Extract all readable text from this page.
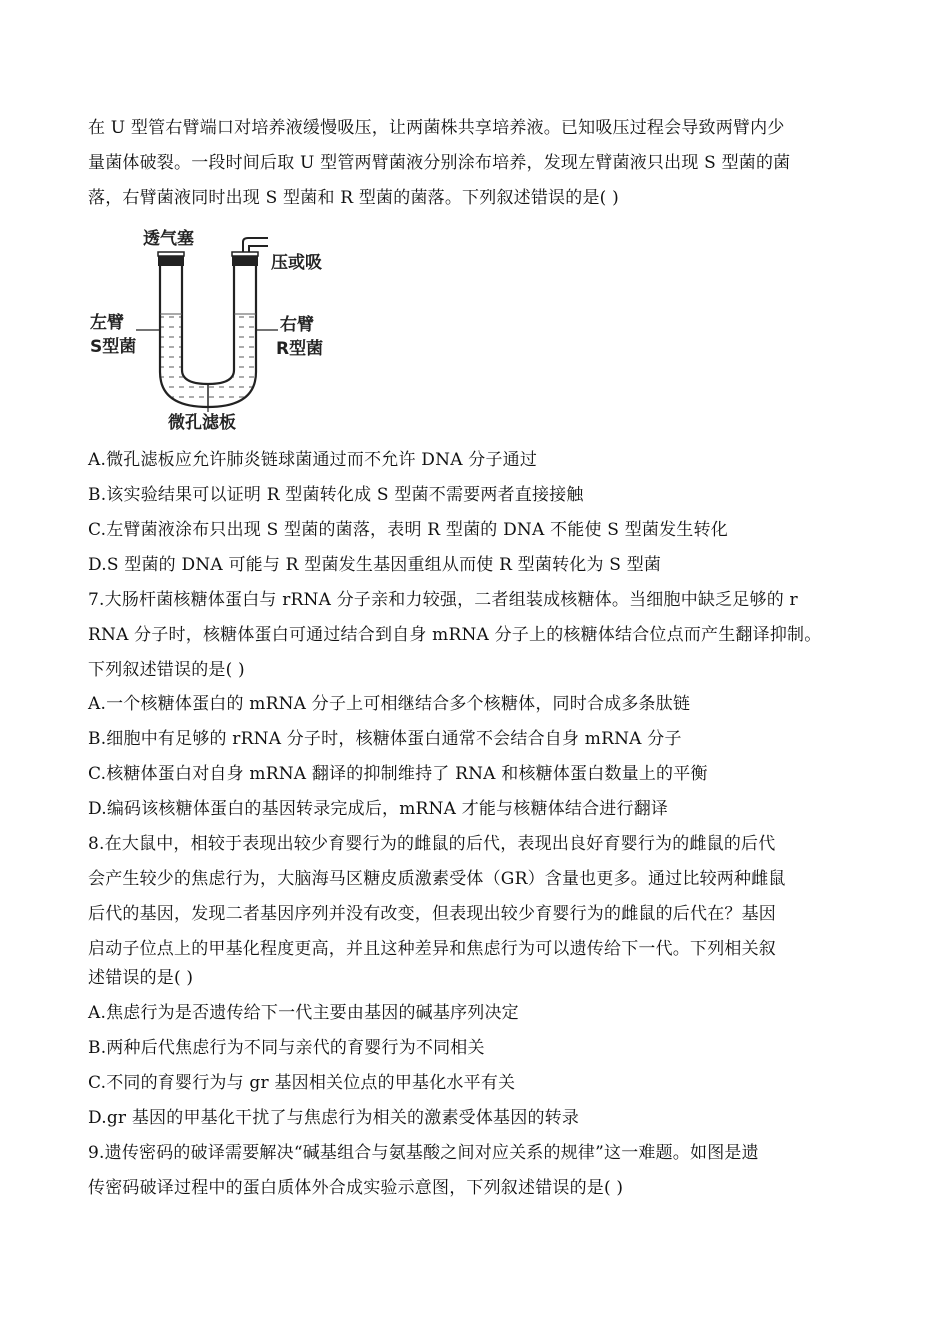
在 U 型管右臂端口对培养液缓慢吸压，让两菌株共享培养液。已知吸压过程会导致两臂内少
量菌体破裂。一段时间后取 U 型管两臂菌液分别涂布培养，发现左臂菌液只出现 S 型菌的菌
落，右臂菌液同时出现 S 型菌和 R 型菌的菌落。下列叙述错误的是( )
透气塞
压或吸
左臂
S型菌
右臂
R型菌
微孔滤板
A.微孔滤板应允许肺炎链球菌通过而不允许 DNA 分子通过
B.该实验结果可以证明 R 型菌转化成 S 型菌不需要两者直接接触
C.左臂菌液涂布只出现 S 型菌的菌落，表明 R 型菌的 DNA 不能使 S 型菌发生转化
D.S 型菌的 DNA 可能与 R 型菌发生基因重组从而使 R 型菌转化为 S 型菌
7.大肠杆菌核糖体蛋白与 rRNA 分子亲和力较强，二者组装成核糖体。当细胞中缺乏足够的 r
RNA 分子时，核糖体蛋白可通过结合到自身 mRNA 分子上的核糖体结合位点而产生翻译抑制。
下列叙述错误的是( )
A.一个核糖体蛋白的 mRNA 分子上可相继结合多个核糖体，同时合成多条肽链
B.细胞中有足够的 rRNA 分子时，核糖体蛋白通常不会结合自身 mRNA 分子
C.核糖体蛋白对自身 mRNA 翻译的抑制维持了 RNA 和核糖体蛋白数量上的平衡
D.编码该核糖体蛋白的基因转录完成后，mRNA 才能与核糖体结合进行翻译
8.在大鼠中，相较于表现出较少育婴行为的雌鼠的后代，表现出良好育婴行为的雌鼠的后代
会产生较少的焦虑行为，大脑海马区糖皮质激素受体（GR）含量也更多。通过比较两种雌鼠
后代的基因，发现二者基因序列并没有改变，但表现出较少育婴行为的雌鼠的后代在？基因
启动子位点上的甲基化程度更高，并且这种差异和焦虑行为可以遗传给下一代。下列相关叙
述错误的是( )
A.焦虑行为是否遗传给下一代主要由基因的碱基序列决定
B.两种后代焦虑行为不同与亲代的育婴行为不同相关
C.不同的育婴行为与 gr 基因相关位点的甲基化水平有关
D.gr 基因的甲基化干扰了与焦虑行为相关的激素受体基因的转录
9.遗传密码的破译需要解决“碱基组合与氨基酸之间对应关系的规律”这一难题。如图是遗
传密码破译过程中的蛋白质体外合成实验示意图，下列叙述错误的是( )
